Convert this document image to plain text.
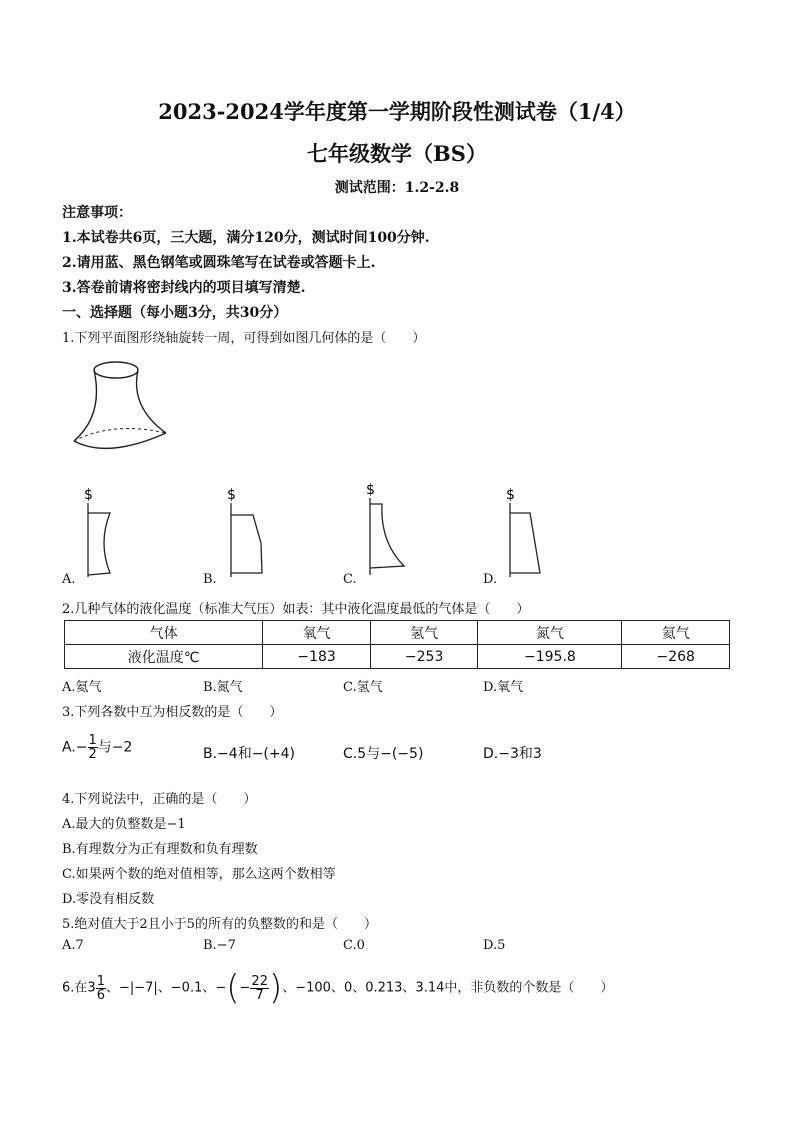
2023-2024学年度第一学期阶段性测试卷（1/4）
七年级数学（BS）
测试范围：1.2-2.8
注意事项：
1.本试卷共6页，三大题，满分120分，测试时间100分钟.
2.请用蓝、黑色钢笔或圆珠笔写在试卷或答题卡上.
3.答卷前请将密封线内的项目填写清楚.
一、选择题（每小题3分，共30分）
1.下列平面图形绕轴旋转一周，可得到如图几何体的是（　　）
$	$	$	$
A.	B.	C.	D.
2.几种气体的液化温度（标准大气压）如表：其中液化温度最低的气体是（　　）
气体	氧气	氢气	氮气	氦气
液化温度℃	−183	−253	−195.8	−268
A.氦气	B.氮气	C.氢气	D.氧气
3.下列各数中互为相反数的是（　　）
$A.- \frac{1}{2}$ 与−2	B.−4和−(+4)	C.5与−(−5)	D.−3和3
4.下列说法中，正确的是（　　）
A.最大的负整数是−1
B.有理数分为正有理数和负有理数
C.如果两个数的绝对值相等，那么这两个数相等
D.零没有相反数
5.绝对值大于2且小于5的所有的负整数的和是（　　）
A.7	B.−7	C.0	D.5
6.在$3 \frac{1}{6}$ 、−|−7|、−0.1、−(− $\frac{22}{7}$ )、−100、0、0.213、3.14中，非负数的个数是（　　）
